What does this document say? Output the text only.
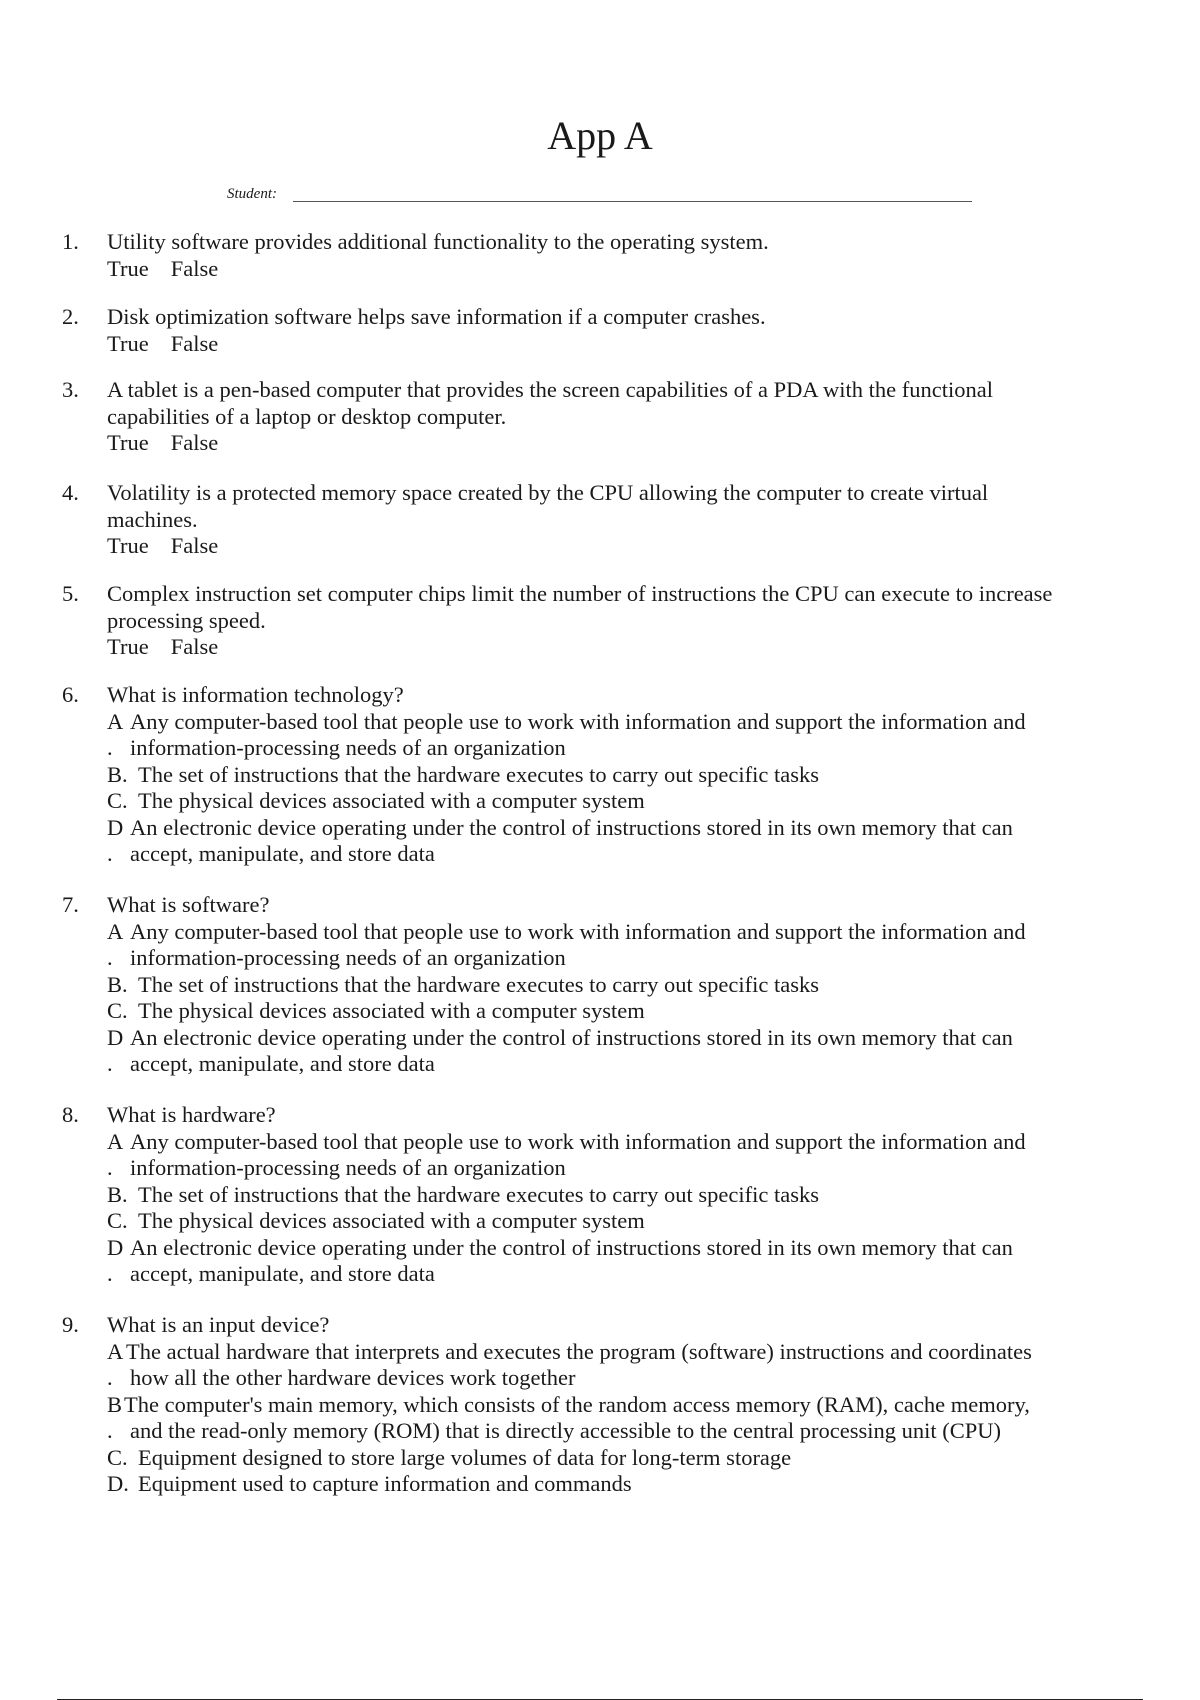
App A
Student:
1.	Utility software provides additional functionality to the operating system.
True False
2.	Disk optimization software helps save information if a computer crashes.
True False
3.	A tablet is a pen-based computer that provides the screen capabilities of a PDA with the functional
capabilities of a laptop or desktop computer.
True False
4.	Volatility is a protected memory space created by the CPU allowing the computer to create virtual
machines.
True False
5.	Complex instruction set computer chips limit the number of instructions the CPU can execute to increase
processing speed.
True False
6.	What is information technology?
A Any computer-based tool that people use to work with information and support the information and
. information-processing needs of an organization
B. The set of instructions that the hardware executes to carry out specific tasks
C. The physical devices associated with a computer system
D An electronic device operating under the control of instructions stored in its own memory that can
. accept, manipulate, and store data
7.	What is software?
A Any computer-based tool that people use to work with information and support the information and
. information-processing needs of an organization
B. The set of instructions that the hardware executes to carry out specific tasks
C. The physical devices associated with a computer system
D An electronic device operating under the control of instructions stored in its own memory that can
. accept, manipulate, and store data
8.	What is hardware?
A Any computer-based tool that people use to work with information and support the information and
. information-processing needs of an organization
B. The set of instructions that the hardware executes to carry out specific tasks
C. The physical devices associated with a computer system
D An electronic device operating under the control of instructions stored in its own memory that can
. accept, manipulate, and store data
9.	What is an input device?
A The actual hardware that interprets and executes the program (software) instructions and coordinates
. how all the other hardware devices work together
B The computer's main memory, which consists of the random access memory (RAM), cache memory,
. and the read-only memory (ROM) that is directly accessible to the central processing unit (CPU)
C. Equipment designed to store large volumes of data for long-term storage
D. Equipment used to capture information and commands
